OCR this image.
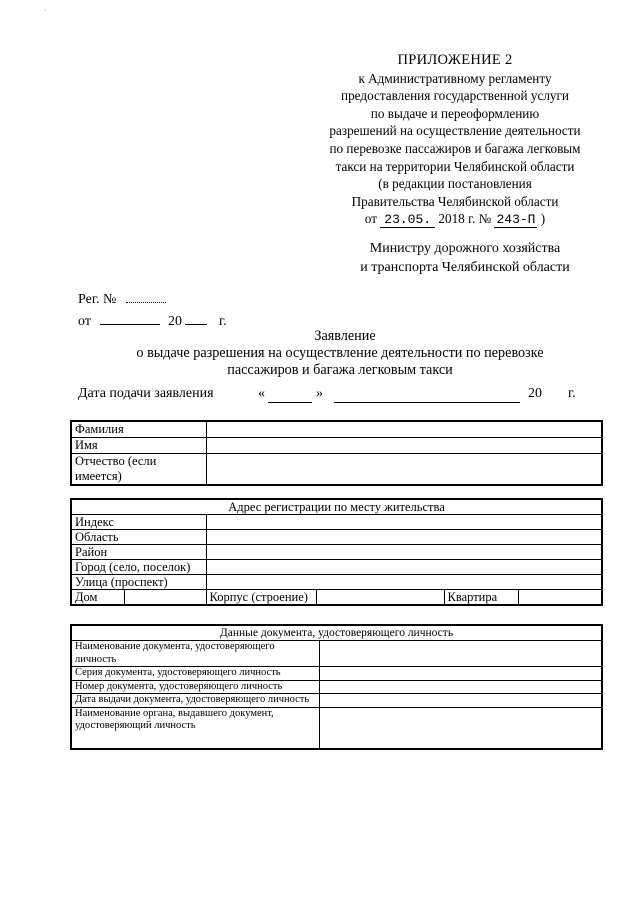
·
ПРИЛОЖЕНИЕ 2
к Административному регламенту
предоставления государственной услуги
по выдаче и переоформлению
разрешений на осуществление деятельности
по перевозке пассажиров и багажа легковым
такси на территории Челябинской области
(в редакции постановления
Правительства Челябинской области
от 23.05. 2018 г. № 243-П )
Министру дорожного хозяйства
и транспорта Челябинской области
Рег. №
от	20	г.
Заявление
о выдаче разрешения на осуществление деятельности по перевозке
пассажиров и багажа легковым такси
Дата подачи заявления	«	»	20 г.
Фамилия	
Имя	
Отчество (если имеется)	
Адрес регистрации по месту жительства					
Индекс					
Область					
Район					
Город (село, поселок)					
Улица (проспект)					
Дом		Корпус (строение)		Квартира	
Данные документа, удостоверяющего личность	
Наименование документа, удостоверяющего личность	
Серия документа, удостоверяющего личность	
Номер документа, удостоверяющего личность	
Дата выдачи документа, удостоверяющего личность	
Наименование органа, выдавшего документ, удостоверяющий личность	
